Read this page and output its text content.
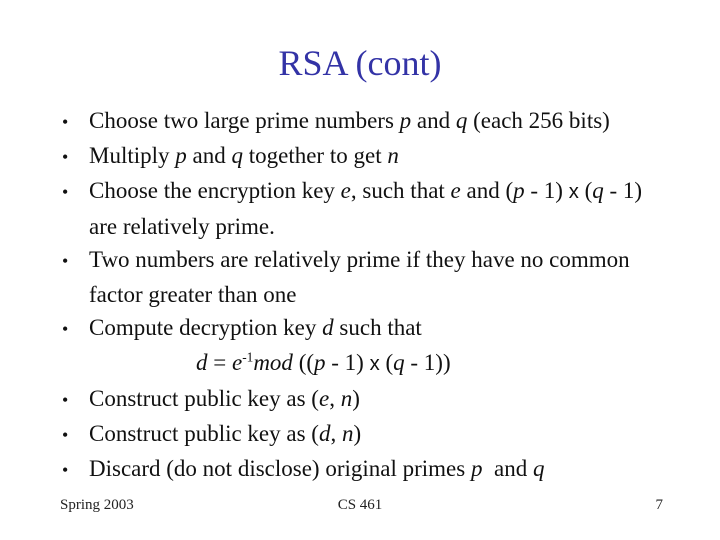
RSA (cont)
• Choose two large prime numbers p and q (each 256 bits)
• Multiply p and q together to get n
• Choose the encryption key e, such that e and (p - 1) x (q - 1)
are relatively prime.
• Two numbers are relatively prime if they have no common
factor greater than one
• Compute decryption key d such that
$d = e^{-1}mod$ ((p - 1) x (q - 1))
• Construct public key as (e, n)
• Construct public key as (d, n)
• Discard (do not disclose) original primes p  and q
Spring 2003	CS 461	7
